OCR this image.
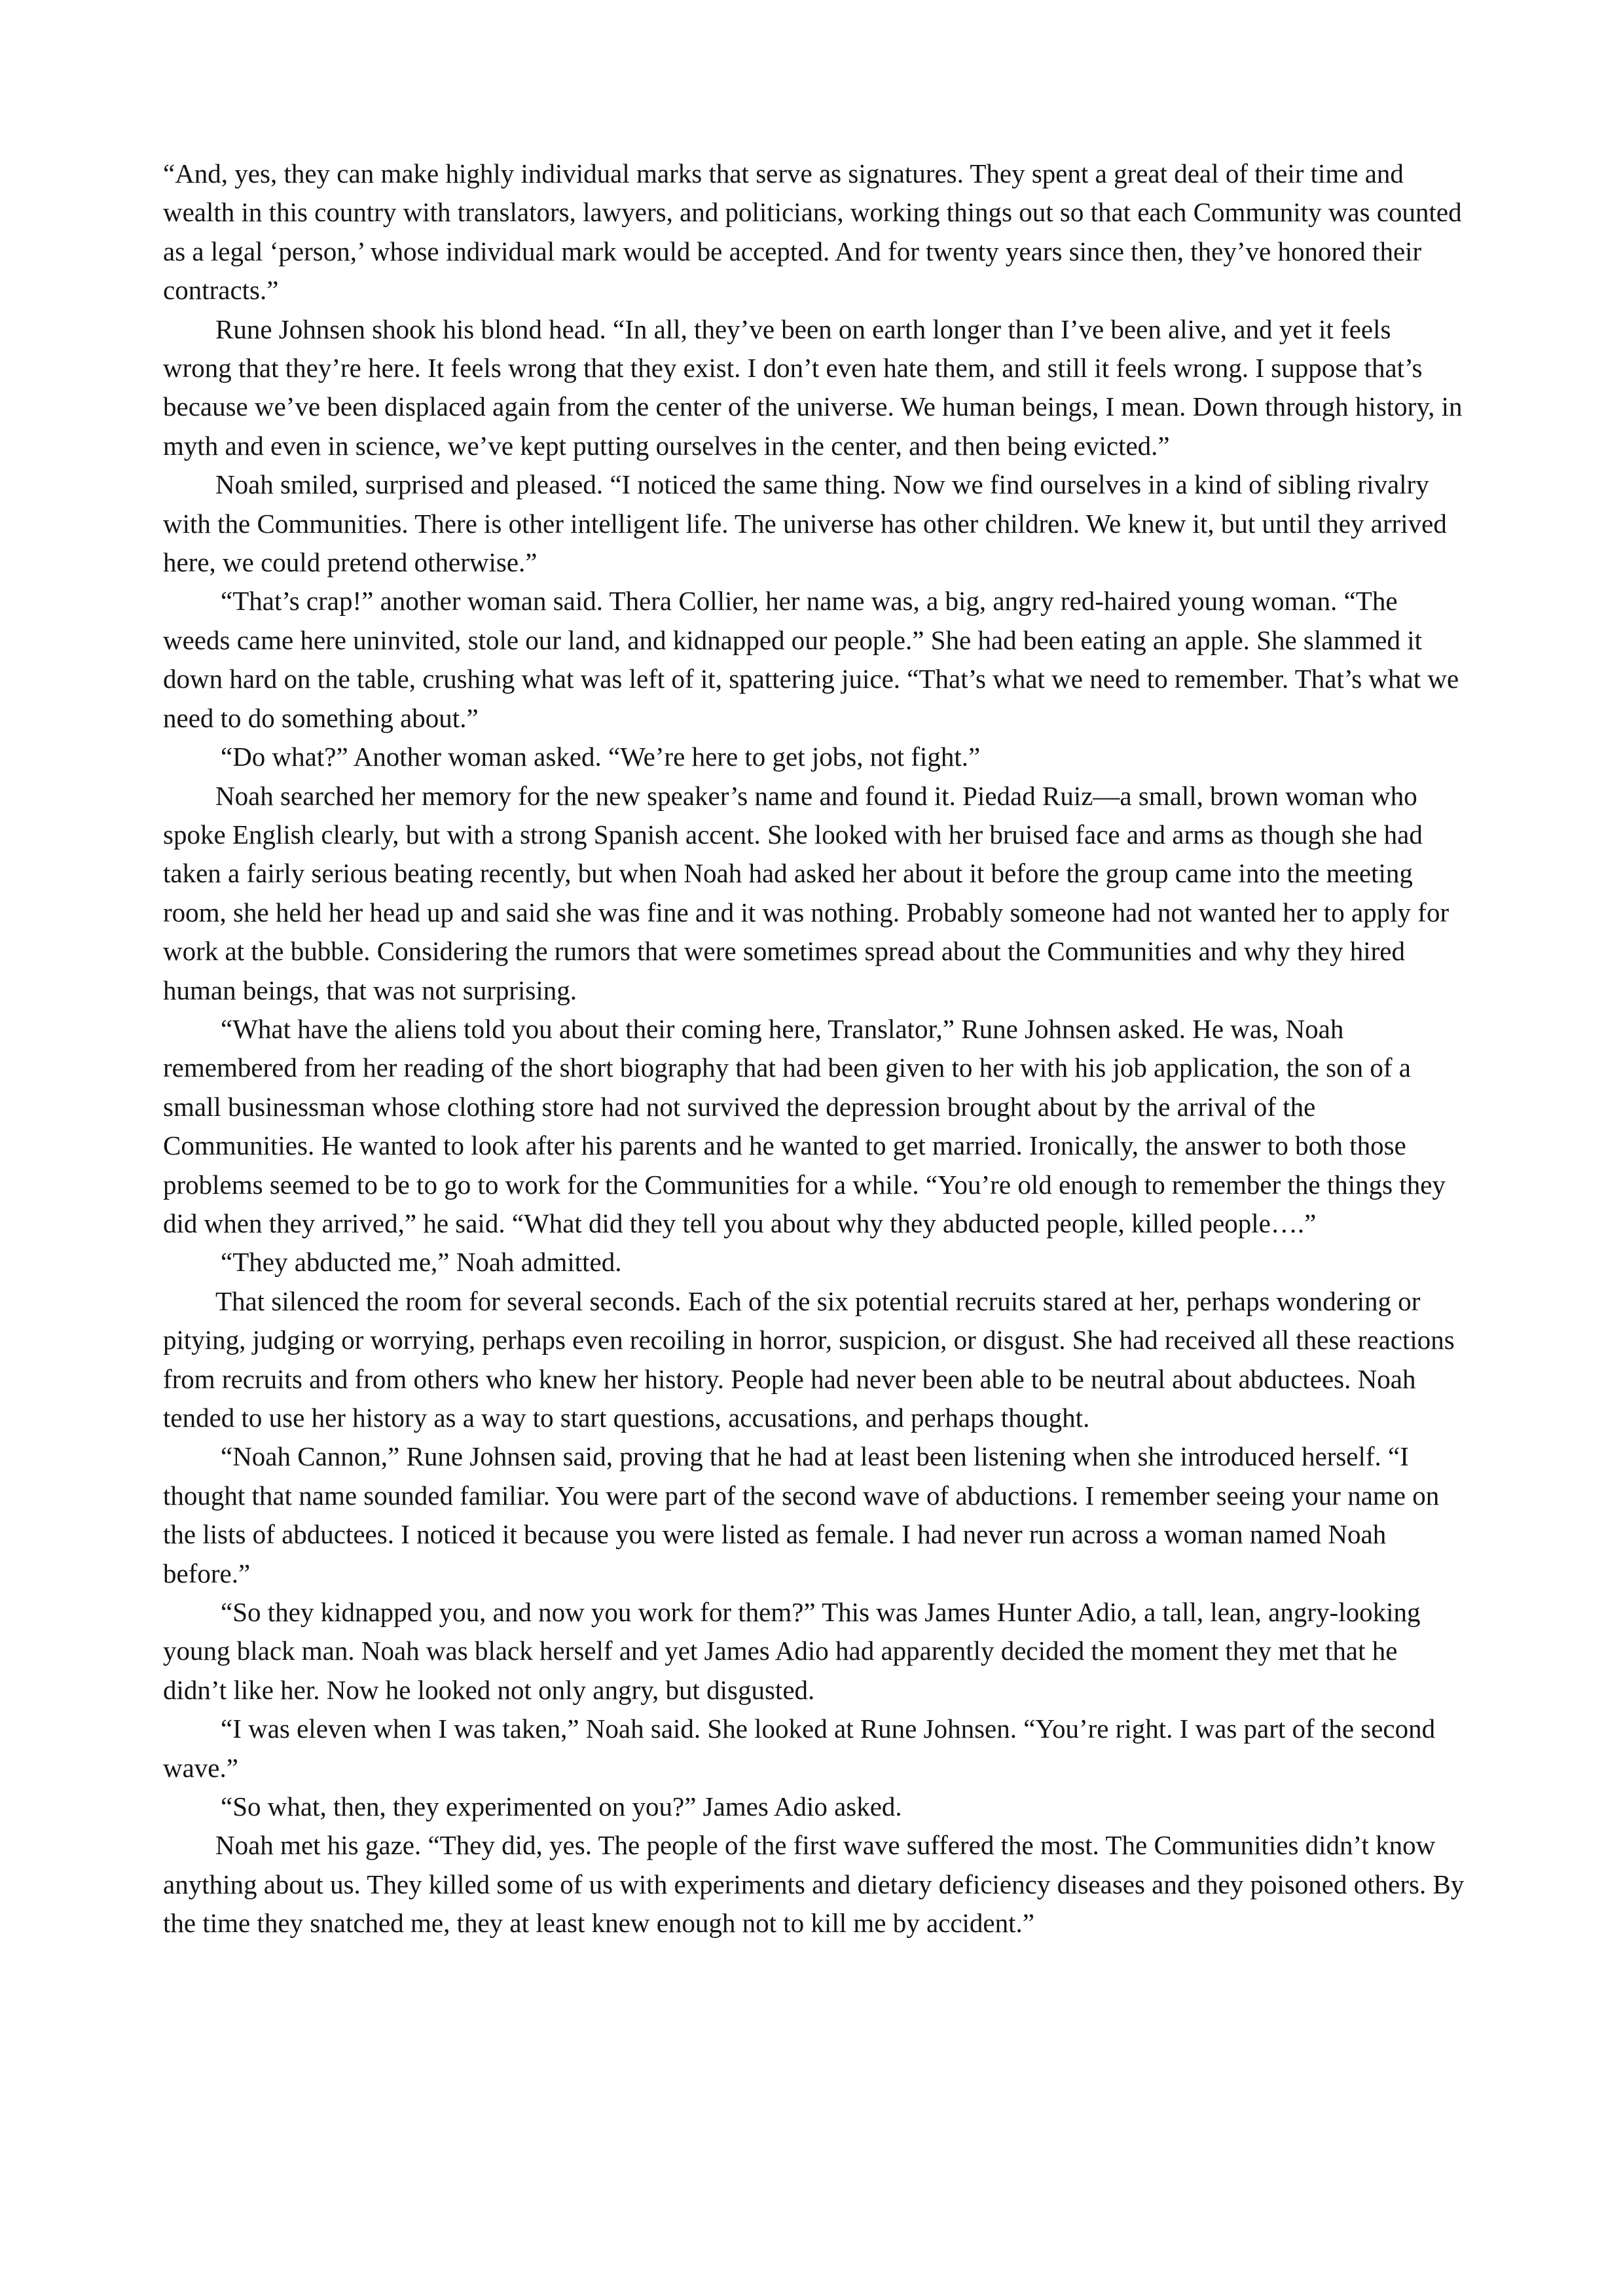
“And, yes, they can make highly individual marks that serve as signatures. They spent a great deal of their time and wealth in this country with translators, lawyers, and politicians, working things out so that each Community was counted as a legal ‘person,’ whose individual mark would be accepted. And for twenty years since then, they’ve honored their contracts.”

Rune Johnsen shook his blond head. “In all, they’ve been on earth longer than I’ve been alive, and yet it feels wrong that they’re here. It feels wrong that they exist. I don’t even hate them, and still it feels wrong. I suppose that’s because we’ve been displaced again from the center of the universe. We human beings, I mean. Down through history, in myth and even in science, we’ve kept putting ourselves in the center, and then being evicted.”

Noah smiled, surprised and pleased. “I noticed the same thing. Now we find ourselves in a kind of sibling rivalry with the Communities. There is other intelligent life. The universe has other children. We knew it, but until they arrived here, we could pretend otherwise.”

“That’s crap!” another woman said. Thera Collier, her name was, a big, angry red-haired young woman. “The weeds came here uninvited, stole our land, and kidnapped our people.” She had been eating an apple. She slammed it down hard on the table, crushing what was left of it, spattering juice. “That’s what we need to remember. That’s what we need to do something about.”

“Do what?” Another woman asked. “We’re here to get jobs, not fight.”

Noah searched her memory for the new speaker’s name and found it. Piedad Ruiz—a small, brown woman who spoke English clearly, but with a strong Spanish accent. She looked with her bruised face and arms as though she had taken a fairly serious beating recently, but when Noah had asked her about it before the group came into the meeting room, she held her head up and said she was fine and it was nothing. Probably someone had not wanted her to apply for work at the bubble. Considering the rumors that were sometimes spread about the Communities and why they hired human beings, that was not surprising.

“What have the aliens told you about their coming here, Translator,” Rune Johnsen asked. He was, Noah remembered from her reading of the short biography that had been given to her with his job application, the son of a small businessman whose clothing store had not survived the depression brought about by the arrival of the Communities. He wanted to look after his parents and he wanted to get married. Ironically, the answer to both those problems seemed to be to go to work for the Communities for a while. “You’re old enough to remember the things they did when they arrived,” he said. “What did they tell you about why they abducted people, killed people….”

“They abducted me,” Noah admitted.

That silenced the room for several seconds. Each of the six potential recruits stared at her, perhaps wondering or pitying, judging or worrying, perhaps even recoiling in horror, suspicion, or disgust. She had received all these reactions from recruits and from others who knew her history. People had never been able to be neutral about abductees. Noah tended to use her history as a way to start questions, accusations, and perhaps thought.

“Noah Cannon,” Rune Johnsen said, proving that he had at least been listening when she introduced herself. “I thought that name sounded familiar. You were part of the second wave of abductions. I remember seeing your name on the lists of abductees. I noticed it because you were listed as female. I had never run across a woman named Noah before.”

“So they kidnapped you, and now you work for them?” This was James Hunter Adio, a tall, lean, angry-looking young black man. Noah was black herself and yet James Adio had apparently decided the moment they met that he didn’t like her. Now he looked not only angry, but disgusted.

“I was eleven when I was taken,” Noah said. She looked at Rune Johnsen. “You’re right. I was part of the second wave.”

“So what, then, they experimented on you?” James Adio asked.

Noah met his gaze. “They did, yes. The people of the first wave suffered the most. The Communities didn’t know anything about us. They killed some of us with experiments and dietary deficiency diseases and they poisoned others. By the time they snatched me, they at least knew enough not to kill me by accident.”
